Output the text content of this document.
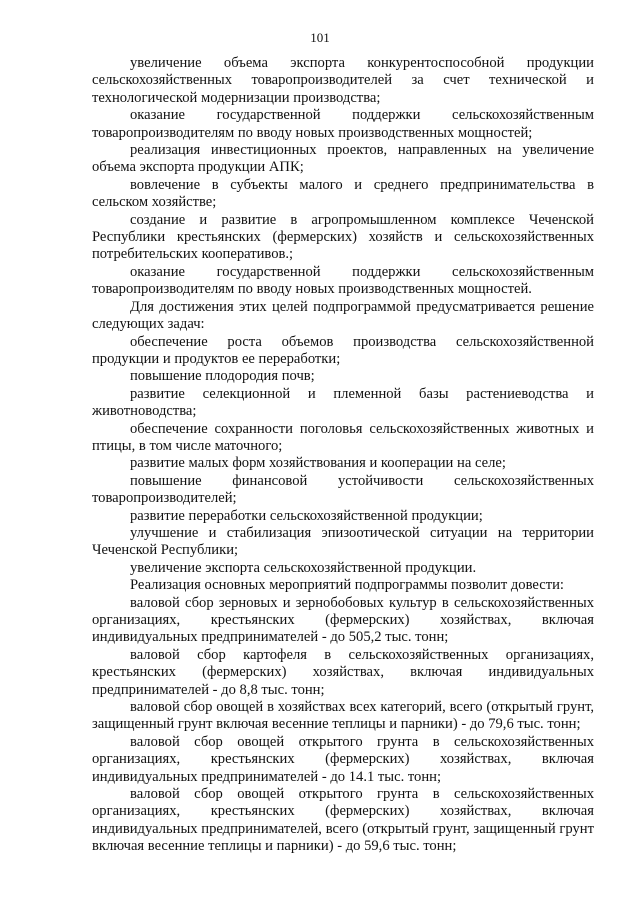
101

увеличение объема экспорта конкурентоспособной продукции сельскохозяйственных товаропроизводителей за счет технической и технологической модернизации производства;

оказание государственной поддержки сельскохозяйственным товаропроизводителям по вводу новых производственных мощностей;

реализация инвестиционных проектов, направленных на увеличение объема экспорта продукции АПК;

вовлечение в субъекты малого и среднего предпринимательства в сельском хозяйстве;

создание и развитие в агропромышленном комплексе Чеченской Республики крестьянских (фермерских) хозяйств и сельскохозяйственных потребительских кооперативов.;

оказание государственной поддержки сельскохозяйственным товаропроизводителям по вводу новых производственных мощностей.

Для достижения этих целей подпрограммой предусматривается решение следующих задач:

обеспечение роста объемов производства сельскохозяйственной продукции и продуктов ее переработки;

повышение плодородия почв;

развитие селекционной и племенной базы растениеводства и животноводства;

обеспечение сохранности поголовья сельскохозяйственных животных и птицы, в том числе маточного;

развитие малых форм хозяйствования и кооперации на селе;

повышение финансовой устойчивости сельскохозяйственных товаропроизводителей;

развитие переработки сельскохозяйственной продукции;

улучшение и стабилизация эпизоотической ситуации на территории Чеченской Республики;

увеличение экспорта сельскохозяйственной продукции.

Реализация основных мероприятий подпрограммы позволит довести:

валовой сбор зерновых и зернобобовых культур в сельскохозяйственных организациях, крестьянских (фермерских) хозяйствах, включая индивидуальных предпринимателей - до 505,2 тыс. тонн;

валовой сбор картофеля в сельскохозяйственных организациях, крестьянских (фермерских) хозяйствах, включая индивидуальных предпринимателей - до 8,8 тыс. тонн;

валовой сбор овощей в хозяйствах всех категорий, всего (открытый грунт, защищенный грунт включая весенние теплицы и парники) - до 79,6 тыс. тонн;

валовой сбор овощей открытого грунта в сельскохозяйственных организациях, крестьянских (фермерских) хозяйствах, включая индивидуальных предпринимателей - до 14.1 тыс. тонн;

валовой сбор овощей открытого грунта в сельскохозяйственных организациях, крестьянских (фермерских) хозяйствах, включая индивидуальных предпринимателей, всего (открытый грунт, защищенный грунт включая весенние теплицы и парники) - до 59,6 тыс. тонн;
